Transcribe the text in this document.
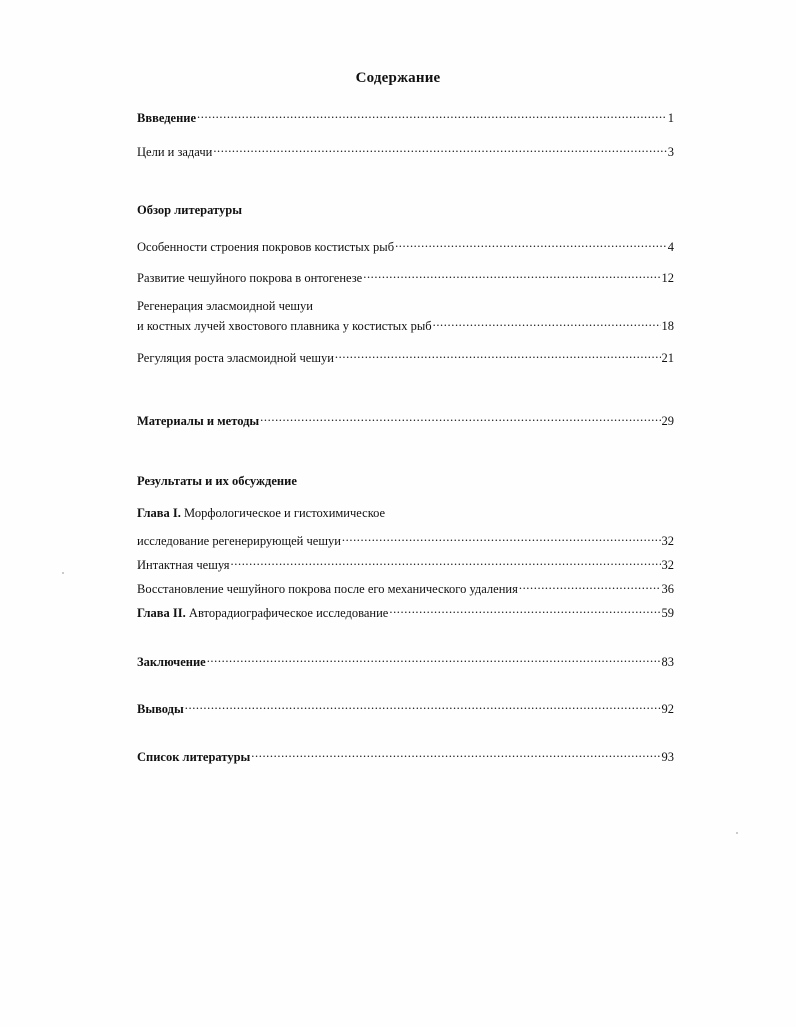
Содержание
Ввведение .....	1
Цели и задачи .....	3
Обзор литературы
Особенности строения покровов костистых рыб .....	4
Развитие чешуйного покрова в онтогенезе .....	12
Регенерация эласмоидной чешуи
и костных лучей хвостового плавника у костистых рыб .....	18
Регуляция роста эласмоидной чешуи .....	21
Материалы и методы .....	29
Результаты и их обсуждение
Глава I. Морфологическое и гистохимическое
исследование регенерирующей чешуи .....	32
Интактная чешуя .....	32
Восстановление чешуйного покрова после его механического удаления .....	36
Глава II. Авторадиографическое исследование .....	59
Заключение .....	83
Выводы .....	92
Список литературы .....	93
